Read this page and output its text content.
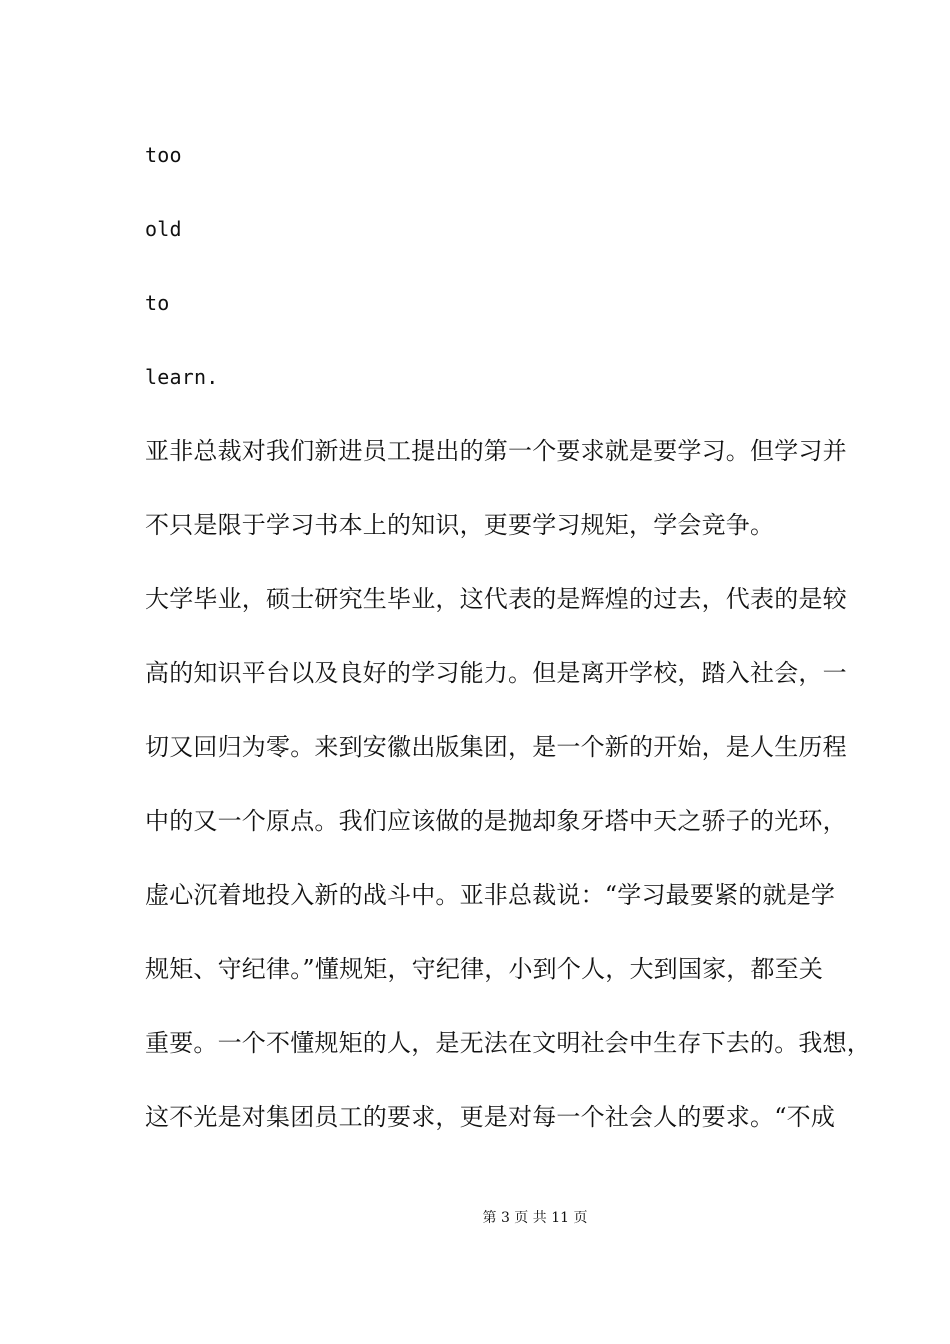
too
old
to
learn.
亚非总裁对我们新进员工提出的第一个要求就是要学习。但学习并
不只是限于学习书本上的知识，更要学习规矩，学会竞争。
大学毕业，硕士研究生毕业，这代表的是辉煌的过去，代表的是较
高的知识平台以及良好的学习能力。但是离开学校，踏入社会，一
切又回归为零。来到安徽出版集团，是一个新的开始，是人生历程
中的又一个原点。我们应该做的是抛却象牙塔中天之骄子的光环，
虚心沉着地投入新的战斗中。亚非总裁说：“学习最要紧的就是学
规矩、守纪律。”懂规矩，守纪律，小到个人，大到国家，都至关
重要。一个不懂规矩的人，是无法在文明社会中生存下去的。我想，
这不光是对集团员工的要求，更是对每一个社会人的要求。“不成
第 3 页 共 11 页
